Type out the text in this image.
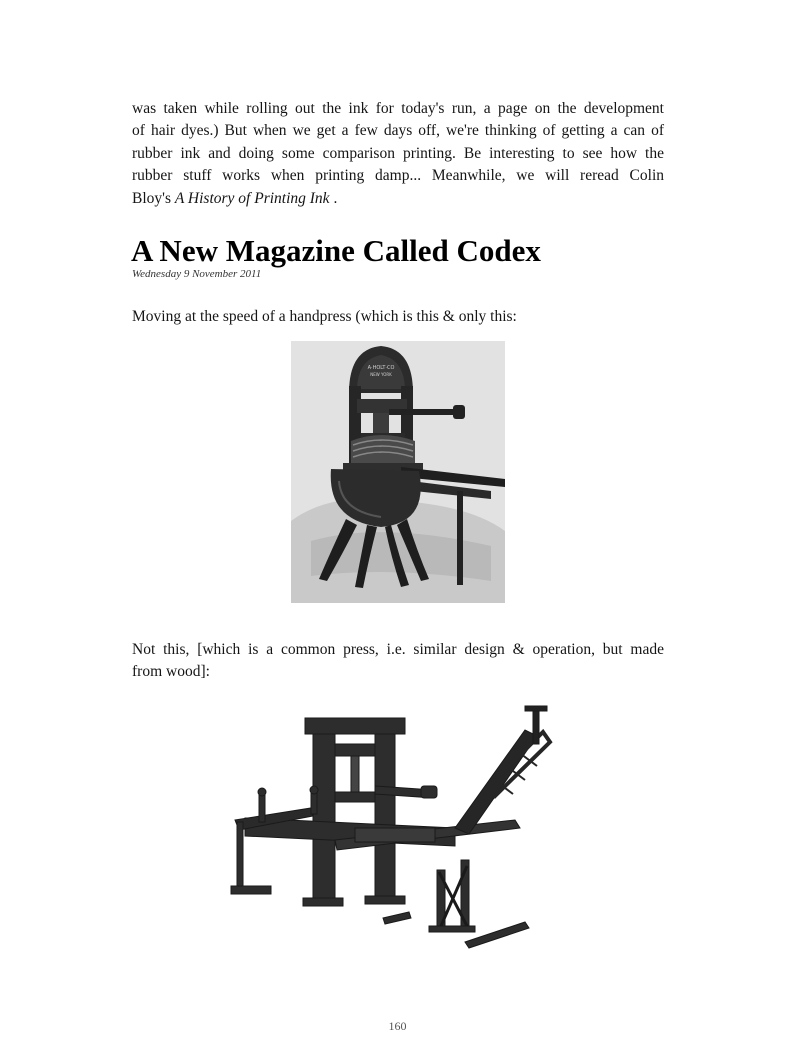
was taken while rolling out the ink for today's run, a page on the development
of hair dyes.) But when we get a few days off, we're thinking of getting a can of
rubber ink and doing some comparison printing. Be interesting to see how the
rubber stuff works when printing damp... Meanwhile, we will reread Colin
Bloy's A History of Printing Ink .

A New Magazine Called Codex
Wednesday 9 November 2011

Moving at the speed of a handpress (which is this & only this:

A·HOLT·CO
NEW YORK

Not this, [which is a common press, i.e. similar design & operation, but made
from wood]:

160
